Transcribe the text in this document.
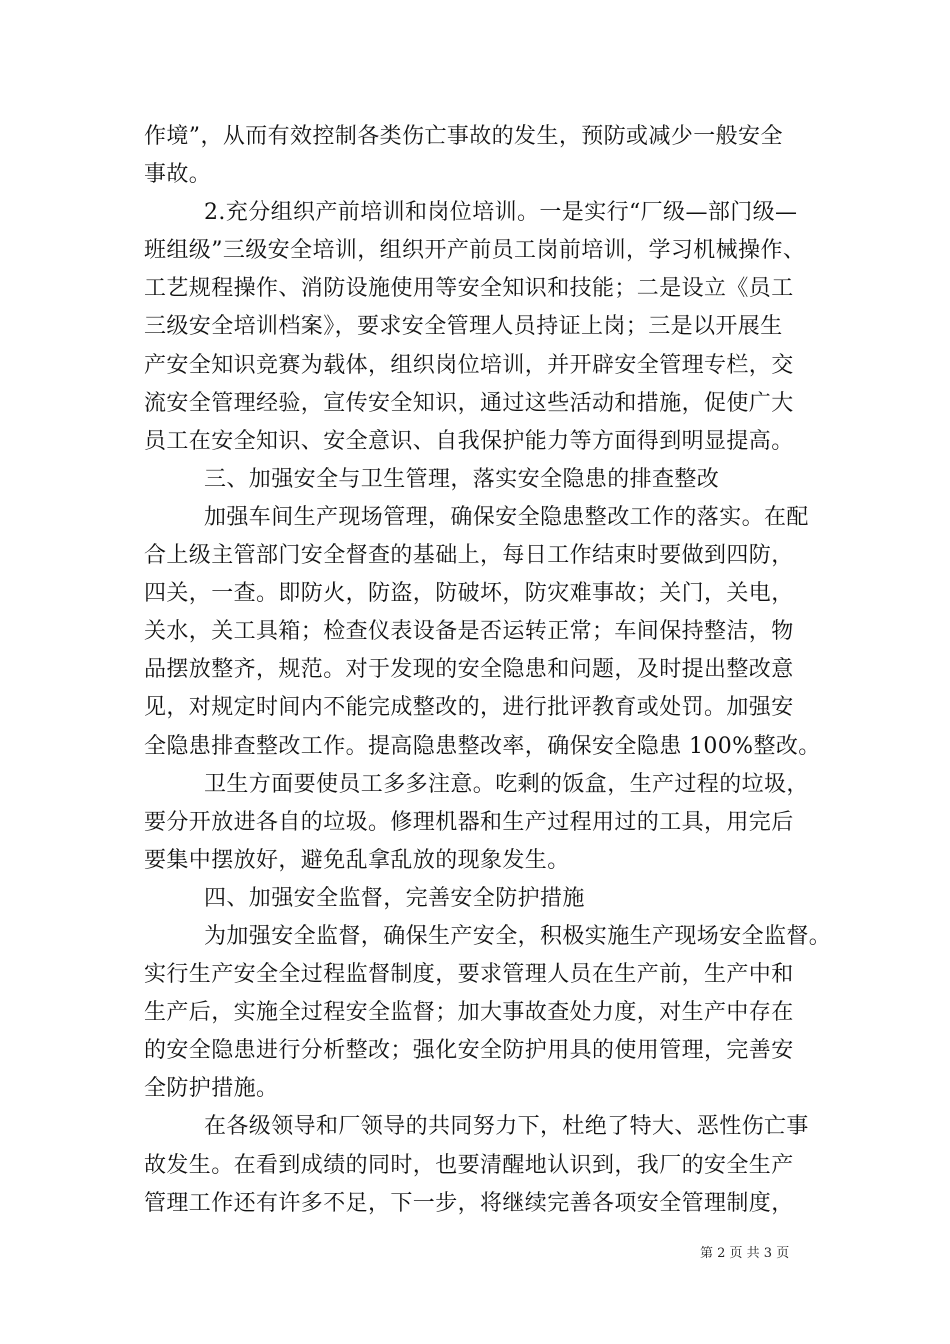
作境”，从而有效控制各类伤亡事故的发生，预防或减少一般安全
事故。
2.充分组织产前培训和岗位培训。一是实行“厂级—部门级—
班组级”三级安全培训，组织开产前员工岗前培训，学习机械操作、
工艺规程操作、消防设施使用等安全知识和技能；二是设立《员工
三级安全培训档案》，要求安全管理人员持证上岗；三是以开展生
产安全知识竞赛为载体，组织岗位培训，并开辟安全管理专栏，交
流安全管理经验，宣传安全知识，通过这些活动和措施，促使广大
员工在安全知识、安全意识、自我保护能力等方面得到明显提高。
三、加强安全与卫生管理，落实安全隐患的排查整改
加强车间生产现场管理，确保安全隐患整改工作的落实。在配
合上级主管部门安全督查的基础上，每日工作结束时要做到四防，
四关，一查。即防火，防盗，防破坏，防灾难事故；关门，关电，
关水，关工具箱；检查仪表设备是否运转正常；车间保持整洁，物
品摆放整齐，规范。对于发现的安全隐患和问题，及时提出整改意
见，对规定时间内不能完成整改的，进行批评教育或处罚。加强安
全隐患排查整改工作。提高隐患整改率，确保安全隐患 100%整改。
卫生方面要使员工多多注意。吃剩的饭盒，生产过程的垃圾，
要分开放进各自的垃圾。修理机器和生产过程用过的工具，用完后
要集中摆放好，避免乱拿乱放的现象发生。
四、加强安全监督，完善安全防护措施
为加强安全监督，确保生产安全，积极实施生产现场安全监督。
实行生产安全全过程监督制度，要求管理人员在生产前，生产中和
生产后，实施全过程安全监督；加大事故查处力度，对生产中存在
的安全隐患进行分析整改；强化安全防护用具的使用管理，完善安
全防护措施。
在各级领导和厂领导的共同努力下，杜绝了特大、恶性伤亡事
故发生。在看到成绩的同时，也要清醒地认识到，我厂的安全生产
管理工作还有许多不足，下一步，将继续完善各项安全管理制度，
第 2 页 共 3 页
